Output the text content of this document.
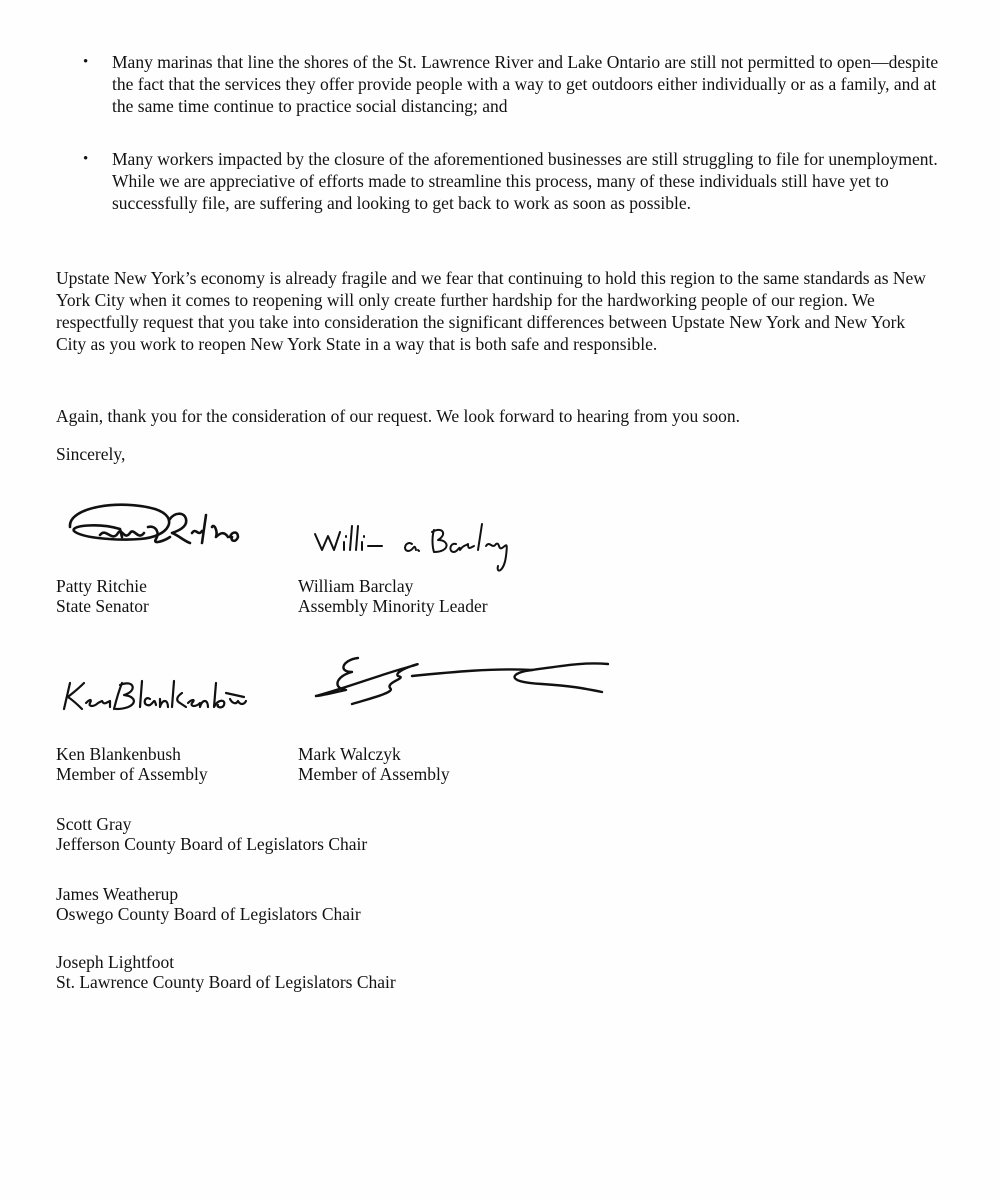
• Many marinas that line the shores of the St. Lawrence River and Lake Ontario are still not permitted to open—despite the fact that the services they offer provide people with a way to get outdoors either individually or as a family, and at the same time continue to practice social distancing; and
• Many workers impacted by the closure of the aforementioned businesses are still struggling to file for unemployment. While we are appreciative of efforts made to streamline this process, many of these individuals still have yet to successfully file, are suffering and looking to get back to work as soon as possible.
Upstate New York’s economy is already fragile and we fear that continuing to hold this region to the same standards as New York City when it comes to reopening will only create further hardship for the hardworking people of our region. We respectfully request that you take into consideration the significant differences between Upstate New York and New York City as you work to reopen New York State in a way that is both safe and responsible.
Again, thank you for the consideration of our request. We look forward to hearing from you soon.
Sincerely,
Patty Ritchie
State Senator
William Barclay
Assembly Minority Leader
Ken Blankenbush
Member of Assembly
Mark Walczyk
Member of Assembly
Scott Gray
Jefferson County Board of Legislators Chair
James Weatherup
Oswego County Board of Legislators Chair
Joseph Lightfoot
St. Lawrence County Board of Legislators Chair
